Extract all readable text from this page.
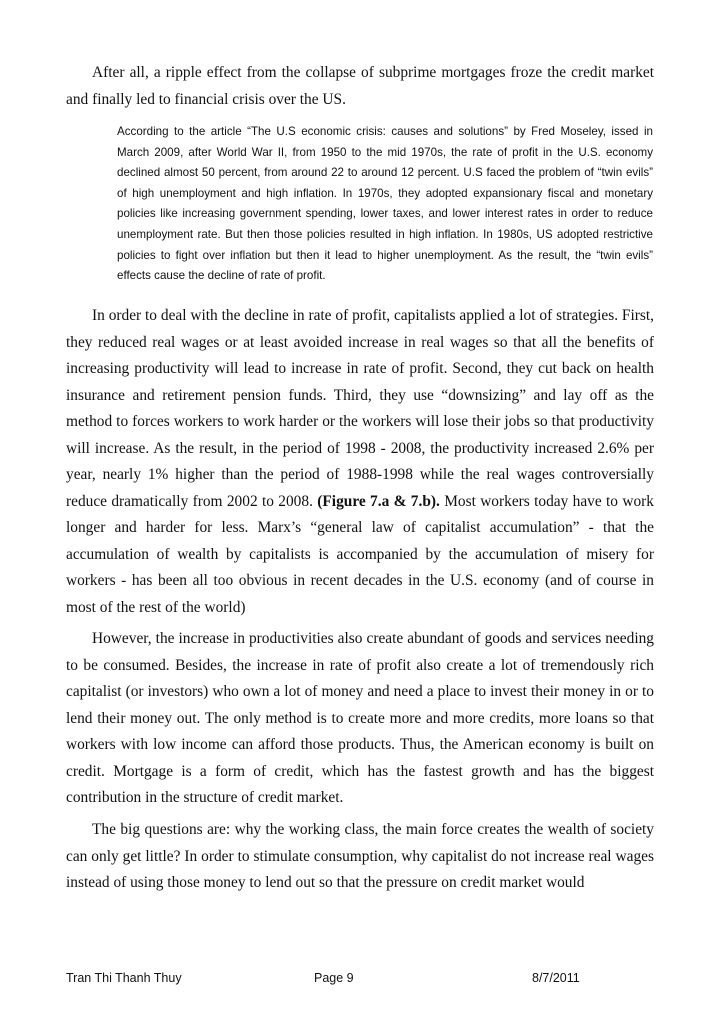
After all, a ripple effect from the collapse of subprime mortgages froze the credit market and finally led to financial crisis over the US.

According to the article “The U.S economic crisis: causes and solutions” by Fred Moseley, issed in March 2009, after World War II, from 1950 to the mid 1970s, the rate of profit in the U.S. economy declined almost 50 percent, from around 22 to around 12 percent. U.S faced the problem of “twin evils” of high unemployment and high inflation. In 1970s, they adopted expansionary fiscal and monetary policies like increasing government spending, lower taxes, and lower interest rates in order to reduce unemployment rate. But then those policies resulted in high inflation. In 1980s, US adopted restrictive policies to fight over inflation but then it lead to higher unemployment. As the result, the “twin evils” effects cause the decline of rate of profit.

In order to deal with the decline in rate of profit, capitalists applied a lot of strategies. First, they reduced real wages or at least avoided increase in real wages so that all the benefits of increasing productivity will lead to increase in rate of profit. Second, they cut back on health insurance and retirement pension funds. Third, they use “downsizing” and lay off as the method to forces workers to work harder or the workers will lose their jobs so that productivity will increase. As the result, in the period of 1998 - 2008, the productivity increased 2.6% per year, nearly 1% higher than the period of 1988-1998 while the real wages controversially reduce dramatically from 2002 to 2008. (Figure 7.a & 7.b). Most workers today have to work longer and harder for less. Marx’s “general law of capitalist accumulation” - that the accumulation of wealth by capitalists is accompanied by the accumulation of misery for workers - has been all too obvious in recent decades in the U.S. economy (and of course in most of the rest of the world)

However, the increase in productivities also create abundant of goods and services needing to be consumed. Besides, the increase in rate of profit also create a lot of tremendously rich capitalist (or investors) who own a lot of money and need a place to invest their money in or to lend their money out. The only method is to create more and more credits, more loans so that workers with low income can afford those products. Thus, the American economy is built on credit. Mortgage is a form of credit, which has the fastest growth and has the biggest contribution in the structure of credit market.

The big questions are: why the working class, the main force creates the wealth of society can only get little? In order to stimulate consumption, why capitalist do not increase real wages instead of using those money to lend out so that the pressure on credit market would

Tran Thi Thanh Thuy	Page 9	8/7/2011
